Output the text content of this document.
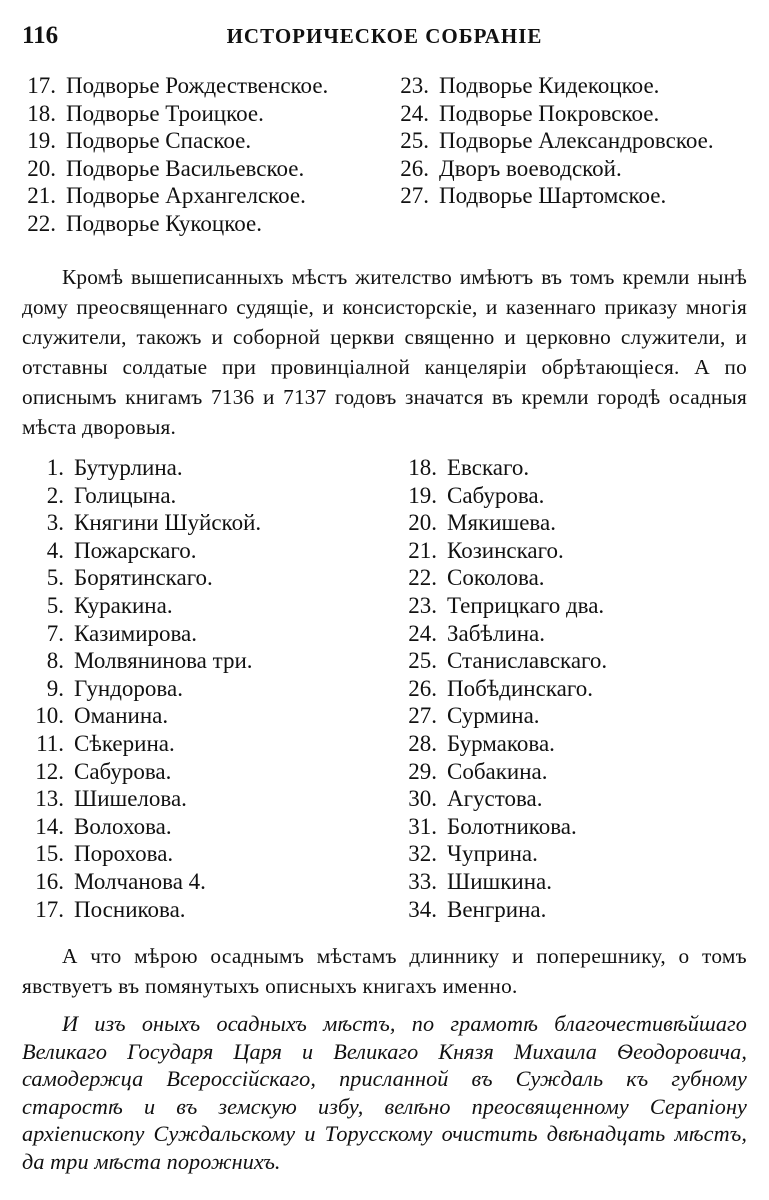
116	ИСТОРИЧЕСКОЕ СОБРАНIЕ
17. Подворье Рождественское.
18. Подворье Троицкое.
19. Подворье Спаское.
20. Подворье Васильевское.
21. Подворье Архангелское.
22. Подворье Кукоцкое.
23. Подворье Кидекоцкое.
24. Подворье Покровское.
25. Подворье Александровское.
26. Дворъ воеводской.
27. Подворье Шартомское.

Кромѣ вышеписанныхъ мѣстъ жителство имѣютъ въ томъ кремли нынѣ дому преосвященнаго судящіе, и консисторскіе, и казеннаго приказу многія служители, такожъ и соборной церкви священно и церковно служители, и отставны солдатые при провинціалной канцеляріи обрѣтающіеся. А по описнымъ книгамъ 7136 и 7137 годовъ значатся въ кремли городѣ осадныя мѣста дворовыя.

1. Бутурлина.
2. Голицына.
3. Княгини Шуйской.
4. Пожарскаго.
5. Борятинскаго.
5. Куракина.
7. Казимирова.
8. Молвянинова три.
9. Гундорова.
10. Оманина.
11. Сѣкерина.
12. Сабурова.
13. Шишелова.
14. Волохова.
15. Порохова.
16. Молчанова 4.
17. Посникова.
18. Евскаго.
19. Сабурова.
20. Мякишева.
21. Козинскаго.
22. Соколова.
23. Теприцкаго два.
24. Забѣлина.
25. Станиславскаго.
26. Побѣдинскаго.
27. Сурмина.
28. Бурмакова.
29. Собакина.
30. Агустова.
31. Болотникова.
32. Чуприна.
33. Шишкина.
34. Венгрина.

А что мѣрою осаднымъ мѣстамъ длиннику и поперешнику, о томъ явствуетъ въ помянутыхъ описныхъ книгахъ именно.

И изъ оныхъ осадныхъ мѣстъ, по грамотѣ благочестивѣйшаго Великаго Государя Царя и Великаго Князя Михаила Ѳеодоровича, самодержца Всероссійскаго, присланной въ Суждаль къ губному старостѣ и въ земскую избу, велѣно преосвященному Серапіону архіепископу Суждальскому и Торусскому очистить двѣнадцать мѣстъ, да три мѣста порожнихъ.
